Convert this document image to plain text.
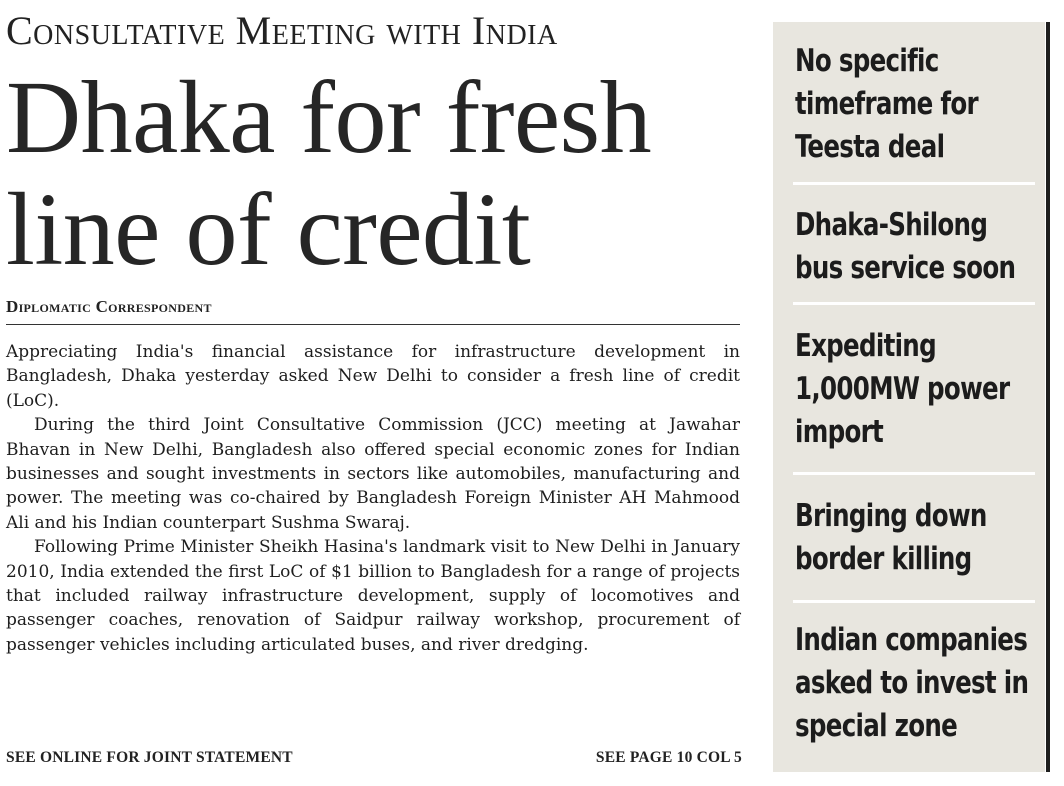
Consultative Meeting with India
Dhaka for fresh
line of credit
Diplomatic Correspondent

Appreciating India's financial assistance for infrastructure development in Bangladesh, Dhaka yesterday asked New Delhi to consider a fresh line of credit (LoC).

During the third Joint Consultative Commission (JCC) meeting at Jawahar Bhavan in New Delhi, Bangladesh also offered special economic zones for Indian businesses and sought investments in sectors like automobiles, manufacturing and power. The meeting was co-chaired by Bangladesh Foreign Minister AH Mahmood Ali and his Indian counterpart Sushma Swaraj.

Following Prime Minister Sheikh Hasina's landmark visit to New Delhi in January 2010, India extended the first LoC of $1 billion to Bangladesh for a range of projects that included railway infrastructure development, supply of locomotives and passenger coaches, renovation of Saidpur railway workshop, procurement of passenger vehicles including articulated buses, and river dredging.

SEE ONLINE FOR JOINT STATEMENT	SEE PAGE 10 COL 5
No specific timeframe for Teesta deal
Dhaka-Shilong bus service soon
Expediting 1,000MW power import
Bringing down border killing
Indian companies asked to invest in special zone
